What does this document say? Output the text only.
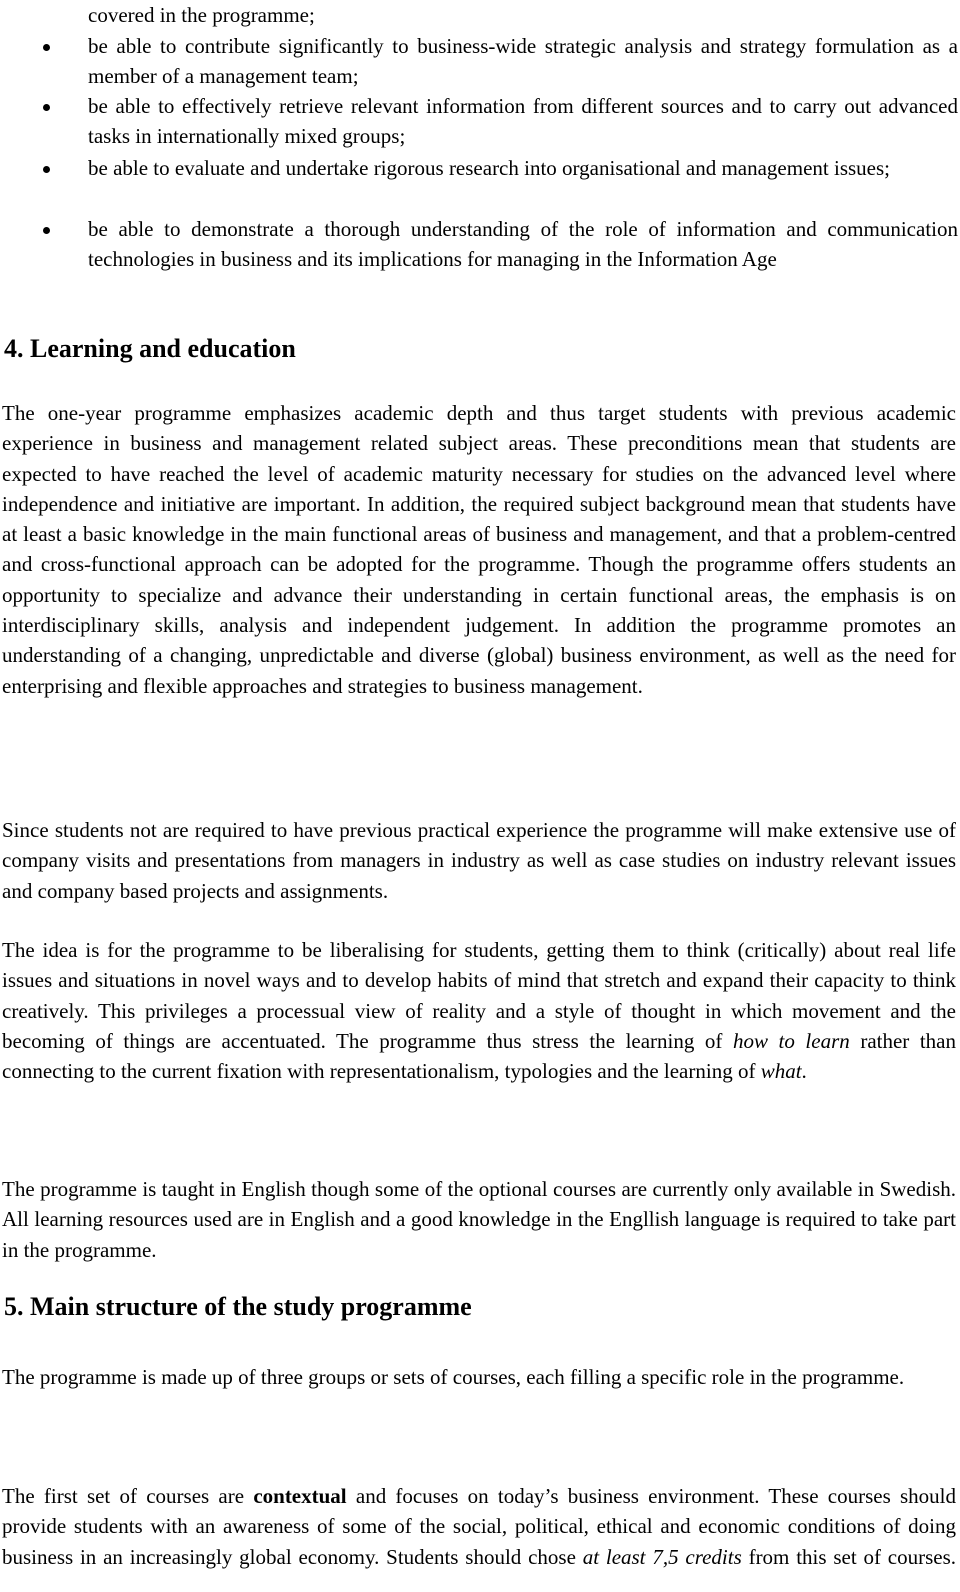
covered in the programme;
be able to contribute significantly to business-wide strategic analysis and strategy formulation as a member of a management team;
be able to effectively retrieve relevant information from different sources and to carry out advanced tasks in internationally mixed groups;
be able to evaluate and undertake rigorous research into organisational and management issues;
be able to demonstrate a thorough understanding of the role of information and communication technologies in business and its implications for managing in the Information Age
4. Learning and education

The one-year programme emphasizes academic depth and thus target students with previous academic experience in business and management related subject areas. These preconditions mean that students are expected to have reached the level of academic maturity necessary for studies on the advanced level where independence and initiative are important. In addition, the required subject background mean that students have at least a basic knowledge in the main functional areas of business and management, and that a problem-centred and cross-functional approach can be adopted for the programme. Though the programme offers students an opportunity to specialize and advance their understanding in certain functional areas, the emphasis is on interdisciplinary skills, analysis and independent judgement. In addition the programme promotes an understanding of a changing, unpredictable and diverse (global) business environment, as well as the need for enterprising and flexible approaches and strategies to business management.

Since students not are required to have previous practical experience the programme will make extensive use of company visits and presentations from managers in industry as well as case studies on industry relevant issues and company based projects and assignments.

The idea is for the programme to be liberalising for students, getting them to think (critically) about real life issues and situations in novel ways and to develop habits of mind that stretch and expand their capacity to think creatively. This privileges a processual view of reality and a style of thought in which movement and the becoming of things are accentuated. The programme thus stress the learning of how to learn rather than connecting to the current fixation with representationalism, typologies and the learning of what.

The programme is taught in English though some of the optional courses are currently only available in Swedish. All learning resources used are in English and a good knowledge in the Engllish language is required to take part in the programme.

5. Main structure of the study programme

The programme is made up of three groups or sets of courses, each filling a specific role in the programme.

The first set of courses are contextual and focuses on today’s business environment. These courses should provide students with an awareness of some of the social, political, ethical and economic conditions of doing business in an increasingly global economy. Students should chose at least 7,5 credits from this set of courses.
